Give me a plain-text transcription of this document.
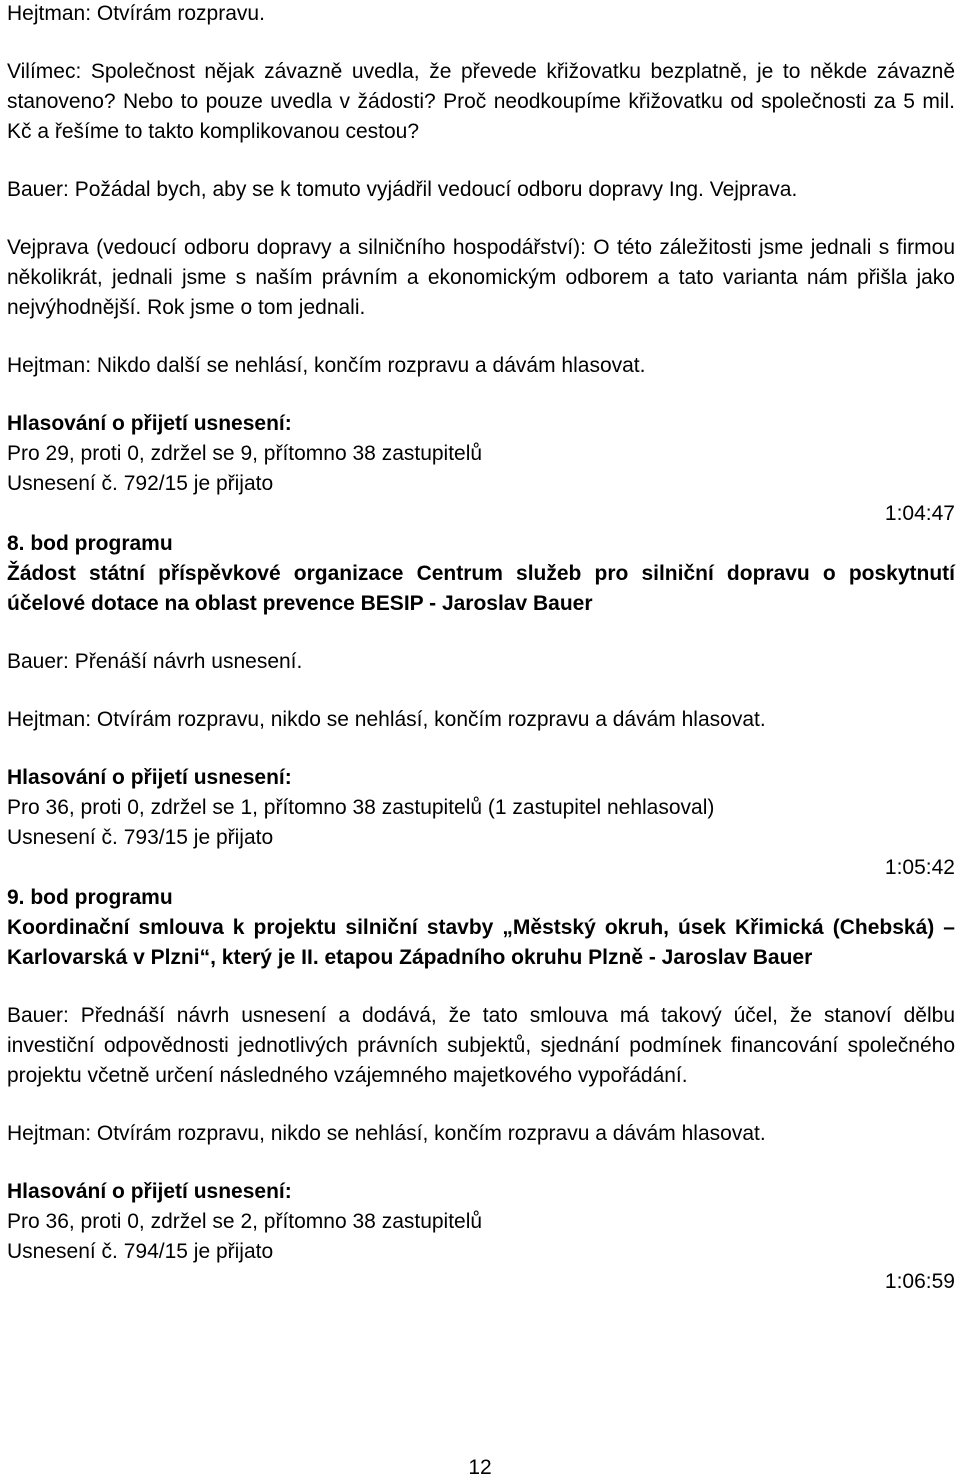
Hejtman: Otvírám rozpravu.

Vilímec: Společnost nějak závazně uvedla, že převede křižovatku bezplatně, je to někde závazně stanoveno? Nebo to pouze uvedla v žádosti? Proč neodkoupíme křižovatku od společnosti za 5 mil. Kč a řešíme to takto komplikovanou cestou?

Bauer: Požádal bych, aby se k tomuto vyjádřil vedoucí odboru dopravy Ing. Vejprava.

Vejprava (vedoucí odboru dopravy a silničního hospodářství): O této záležitosti jsme jednali s firmou několikrát, jednali jsme s naším právním a ekonomickým odborem a tato varianta nám přišla jako nejvýhodnější. Rok jsme o tom jednali.

Hejtman: Nikdo další se nehlásí, končím rozpravu a dávám hlasovat.

Hlasování o přijetí usnesení:

Pro 29, proti 0, zdržel se 9, přítomno 38 zastupitelů

Usnesení č. 792/15 je přijato

1:04:47

8. bod programu

Žádost státní příspěvkové organizace Centrum služeb pro silniční dopravu o poskytnutí účelové dotace na oblast prevence BESIP - Jaroslav Bauer

Bauer: Přenáší návrh usnesení.

Hejtman: Otvírám rozpravu, nikdo se nehlásí, končím rozpravu a dávám hlasovat.

Hlasování o přijetí usnesení:

Pro 36, proti 0, zdržel se 1, přítomno 38 zastupitelů (1 zastupitel nehlasoval)

Usnesení č. 793/15 je přijato

1:05:42

9. bod programu

Koordinační smlouva k projektu silniční stavby „Městský okruh, úsek Křimická (Chebská) – Karlovarská v Plzni“, který je II. etapou Západního okruhu Plzně - Jaroslav Bauer

Bauer: Přednáší návrh usnesení a dodává, že tato smlouva má takový účel, že stanoví dělbu investiční odpovědnosti jednotlivých právních subjektů, sjednání podmínek financování společného projektu včetně určení následného vzájemného majetkového vypořádání.

Hejtman: Otvírám rozpravu, nikdo se nehlásí, končím rozpravu a dávám hlasovat.

Hlasování o přijetí usnesení:

Pro 36, proti 0, zdržel se 2, přítomno 38 zastupitelů

Usnesení č. 794/15 je přijato

1:06:59

12
